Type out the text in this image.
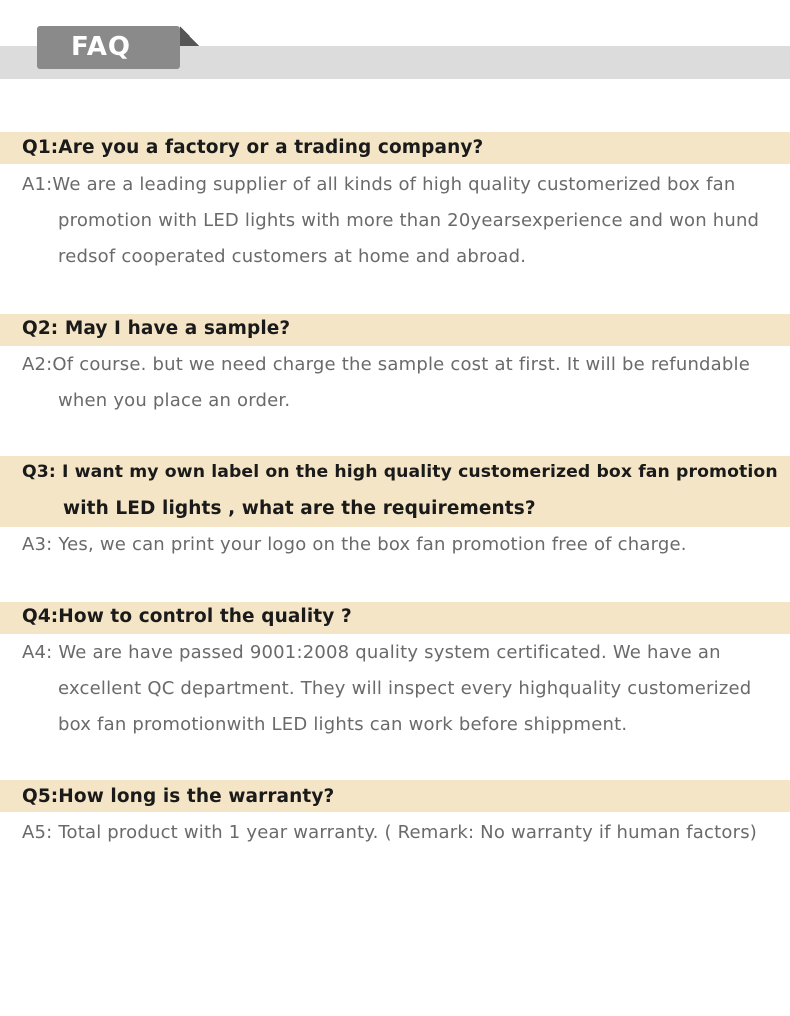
FAQ
Q1:Are you a factory or a trading company?
A1:We are a leading supplier of all kinds of high quality customerized box fan
promotion with LED lights with more than 20yearsexperience and won hund
redsof cooperated customers at home and abroad.
Q2: May I have a sample?
A2:Of course. but we need charge the sample cost at first. It will be refundable
when you place an order.
Q3: I want my own label on the high quality customerized box fan promotion
with LED lights , what are the requirements?
A3: Yes, we can print your logo on the box fan promotion free of charge.
Q4:How to control the quality ?
A4: We are have passed 9001:2008 quality system certificated. We have an
excellent QC department. They will inspect every highquality customerized
box fan promotionwith LED lights can work before shippment.
Q5:How long is the warranty?
A5: Total product with 1 year warranty. ( Remark: No warranty if human factors)
